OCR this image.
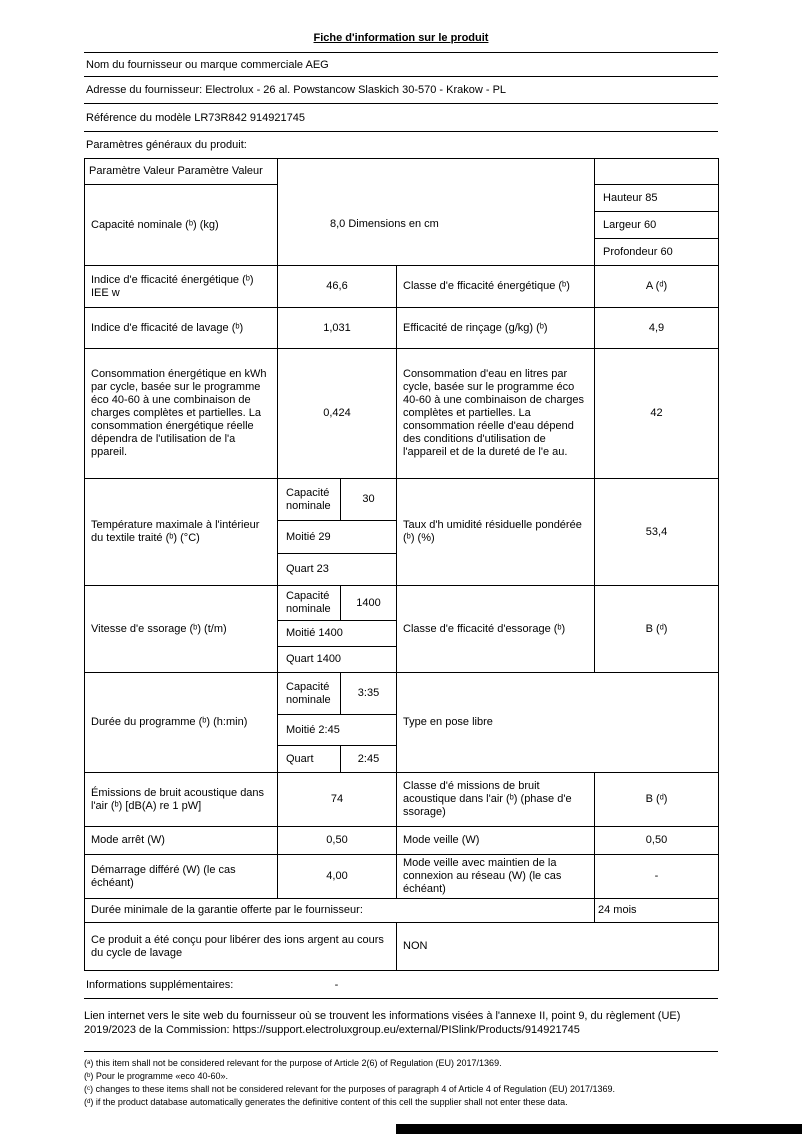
Fiche d'information sur le produit
Nom du fournisseur ou marque commerciale AEG
Adresse du fournisseur: Electrolux - 26 al. Powstancow Slaskich 30-570 - Krakow - PL
Référence du modèle LR73R842 914921745
Paramètres généraux du produit:
Paramètre Valeur Paramètre Valeur				
Capacité nominale (ᵇ) (kg)	8,0 Dimensions en cm			Hauteur 85
				Largeur 60
				Profondeur 60
Indice d'e fficacité énergétique (ᵇ) IEE w	46,6		Classe d'e fficacité énergétique (ᵇ)	A (ᵈ)
Indice d'e fficacité de lavage (ᵇ)	1,031		Efficacité de rinçage (g/kg) (ᵇ)	4,9
Consommation énergétique en kWh par cycle, basée sur le programme éco 40-60 à une combinaison de charges complètes et partielles. La consommation énergétique réelle dépendra de l'utilisation de l'a ppareil.	0,424	Consommation d'eau en litres par cycle, basée sur le programme éco 40-60 à une combinaison de charges complètes et partielles. La consommation réelle d'eau dépend des conditions d'utilisation de l'appareil et de la dureté de l'e au.	42
Température maximale à l'intérieur du textile traité (ᵇ) (°C)	Capacité nominale	30	Taux d'h umidité résiduelle pondérée (ᵇ) (%)	53,4
	Moitié 29			
	Quart 23			
Vitesse d'e ssorage (ᵇ) (t/m)	Capacité nominale	1400	Classe d'e fficacité d'essorage (ᵇ)	B (ᵈ)
	Moitié 1400			
	Quart 1400			
Durée du programme (ᵇ) (h:min)	Capacité nominale	3:35	Type en pose libre	
	Moitié 2:45			
	Quart	2:45		
Émissions de bruit acoustique dans l'air (ᵇ) [dB(A) re 1 pW]	74		Classe d'é missions de bruit acoustique dans l'air (ᵇ) (phase d'e ssorage)	B (ᵈ)
Mode arrêt (W)	0,50		Mode veille (W)	0,50
Démarrage différé (W) (le cas échéant)	4,00		Mode veille avec maintien de la connexion au réseau (W) (le cas échéant)	-
Durée minimale de la garantie offerte par le fournisseur:				24 mois
Ce produit a été conçu pour libérer des ions argent au cours du cycle de lavage			NON	
Informations supplémentaires:	-

Lien internet vers le site web du fournisseur où se trouvent les informations visées à l'annexe II, point 9, du règlement (UE) 2019/2023 de la Commission: https://support.electroluxgroup.eu/external/PISlink/Products/914921745

(ᵃ) this item shall not be considered relevant for the purpose of Article 2(6) of Regulation (EU) 2017/1369.
(ᵇ) Pour le programme «eco 40-60».
(ᶜ) changes to these items shall not be considered relevant for the purposes of paragraph 4 of Article 4 of Regulation (EU) 2017/1369.
(ᵈ) if the product database automatically generates the definitive content of this cell the supplier shall not enter these data.
